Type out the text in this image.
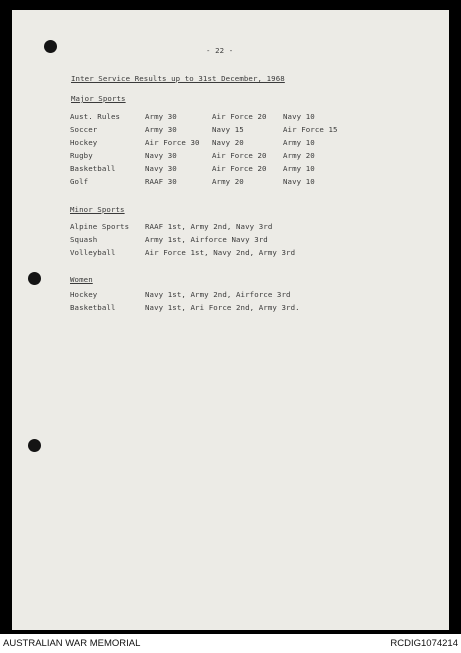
- 22 -
Inter Service Results up to 31st December, 1968
Major Sports
Aust. Rules	Army 30	Air Force 20 Navy 10
Soccer	Army 30	Navy 15	Air Force 15
Hockey	Air Force 30 Navy 20	Army 10
Rugby	Navy 30	Air Force 20 Army 20
Basketball	Navy 30	Air Force 20 Army 10
Golf	RAAF 30	Army 20	Navy 10
Minor Sports
Alpine Sports RAAF 1st, Army 2nd, Navy 3rd
Squash	Army 1st, Airforce Navy 3rd
Volleyball	Air Force 1st, Navy 2nd, Army 3rd
Women
Hockey	Navy 1st, Army 2nd, Airforce 3rd
Basketball	Navy 1st, Ari Force 2nd, Army 3rd.
AUSTRALIAN WAR MEMORIAL	RCDIG1074214
